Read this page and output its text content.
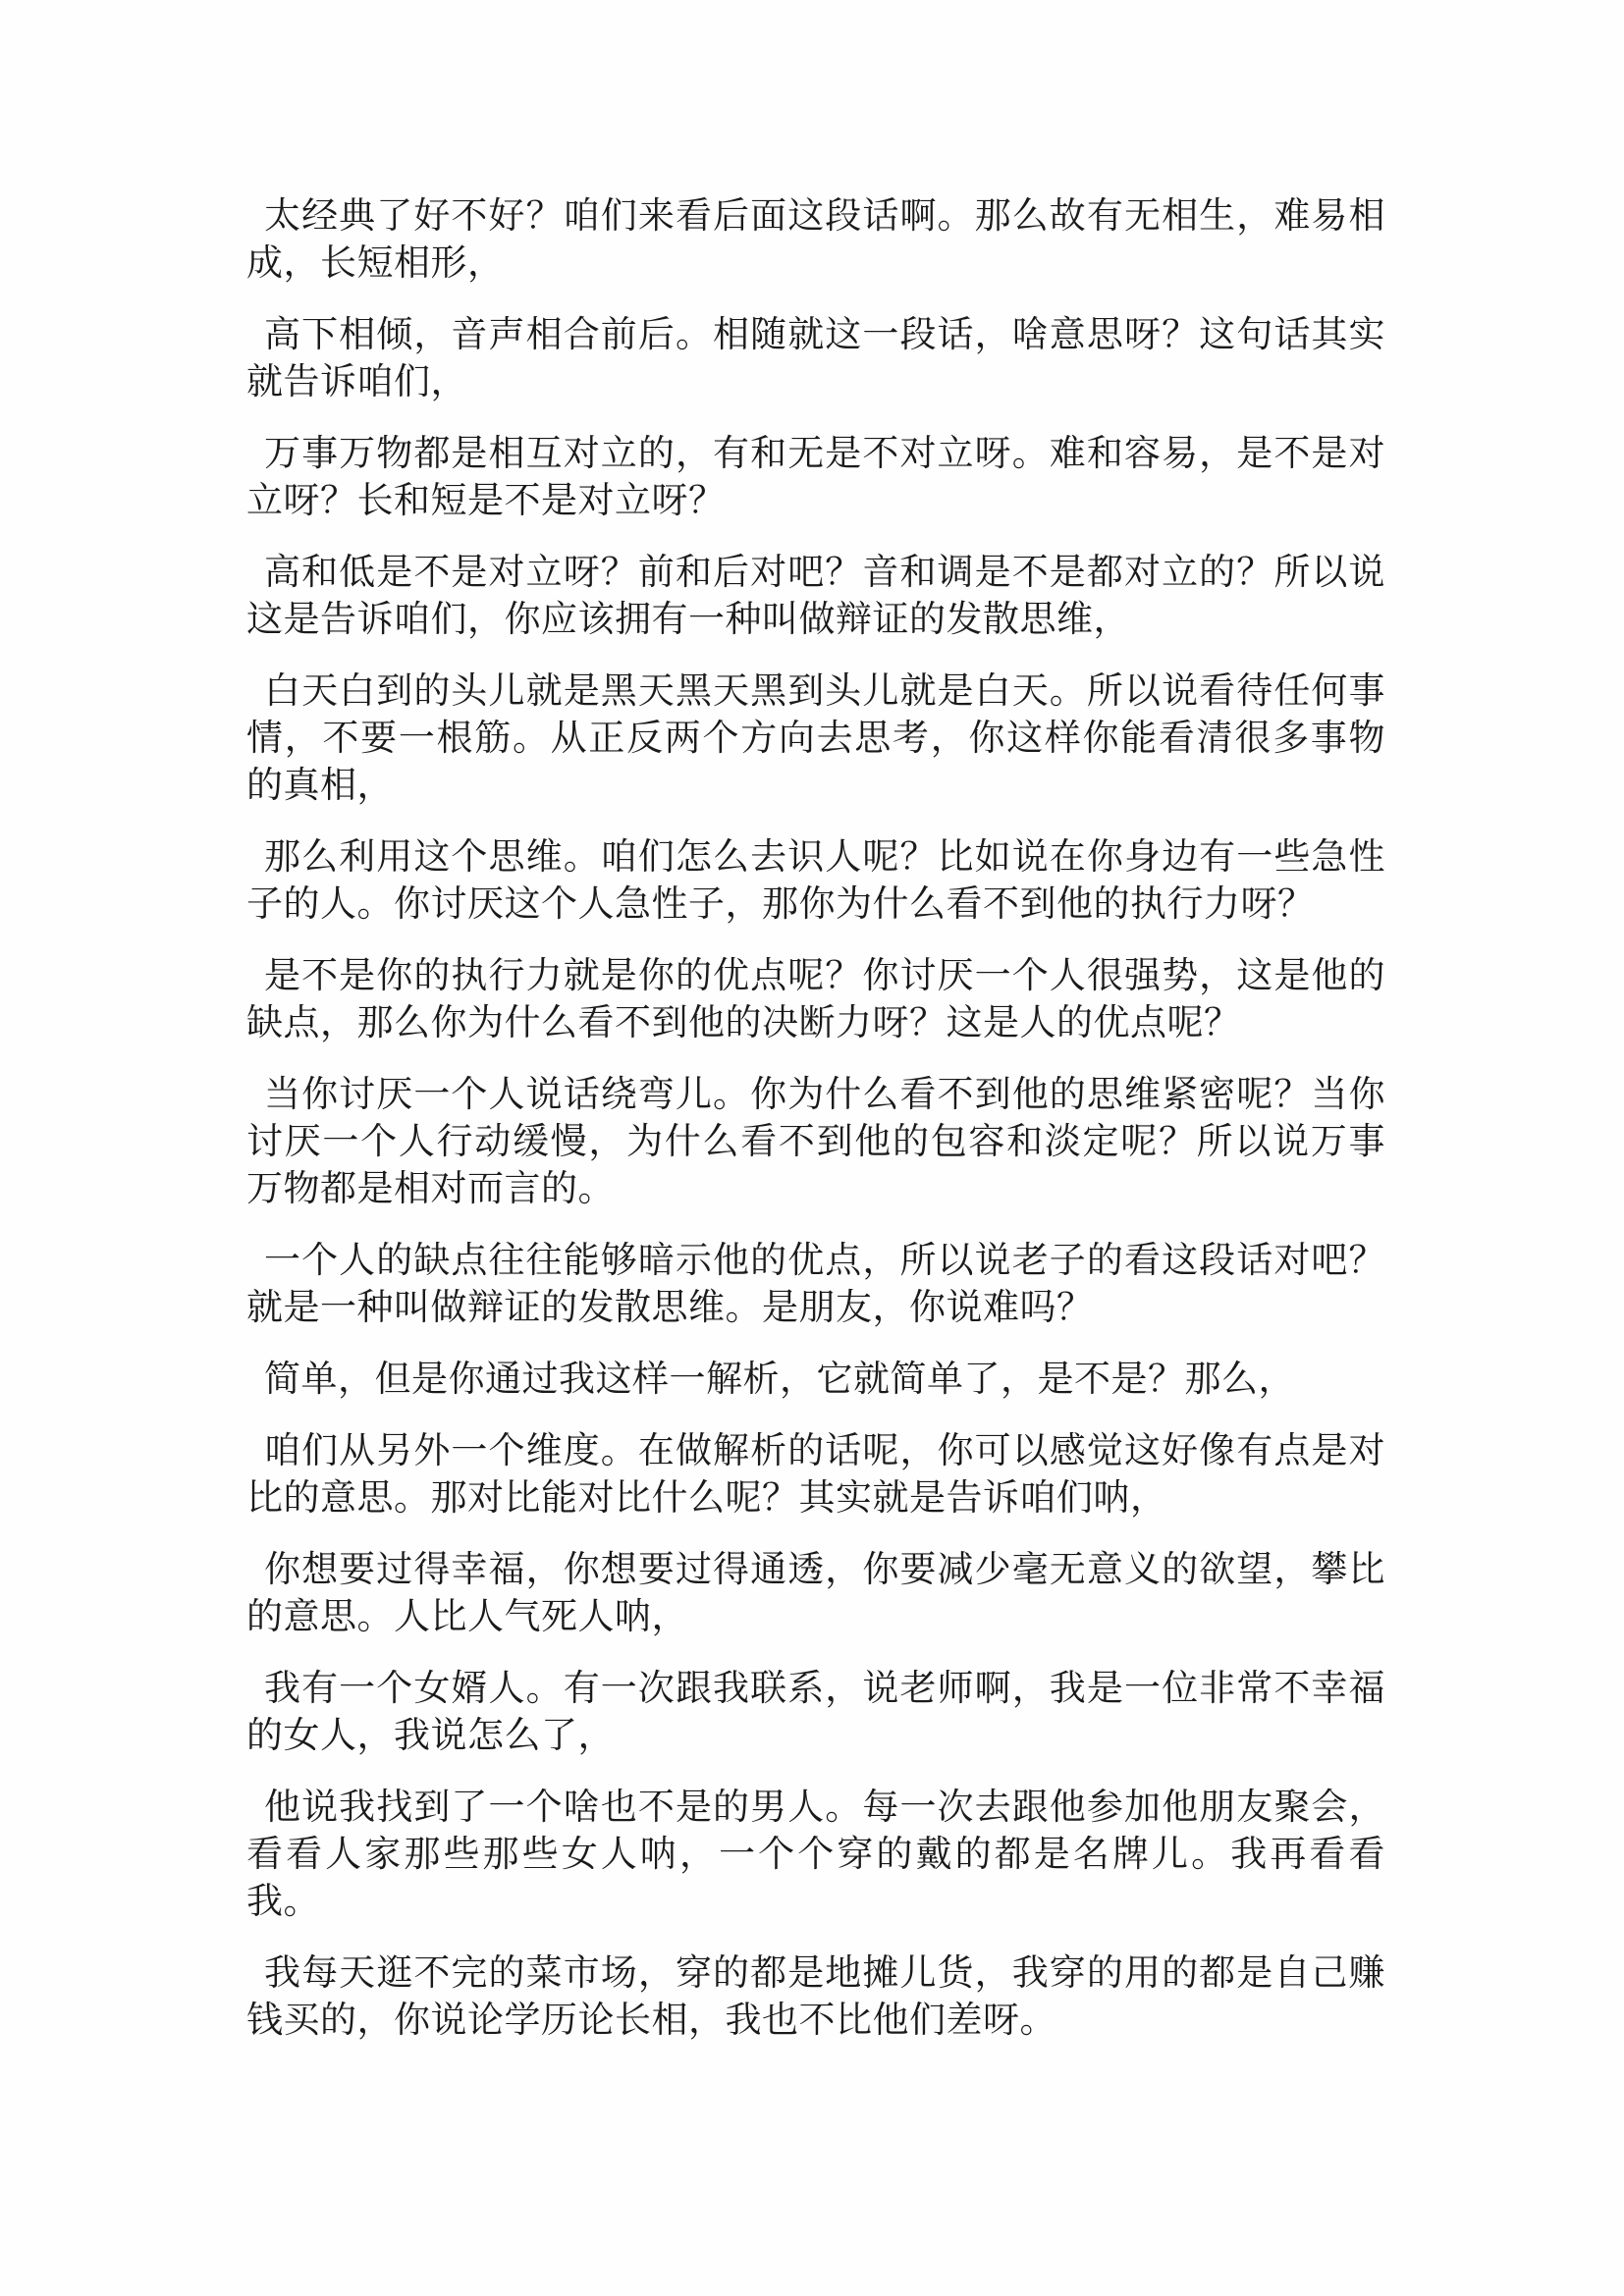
太经典了好不好？咱们来看后面这段话啊。那么故有无相生，难易相成，长短相形，

高下相倾，音声相合前后。相随就这一段话，啥意思呀？这句话其实就告诉咱们，

万事万物都是相互对立的，有和无是不对立呀。难和容易，是不是对立呀？长和短是不是对立呀？

高和低是不是对立呀？前和后对吧？音和调是不是都对立的？所以说这是告诉咱们，你应该拥有一种叫做辩证的发散思维，

白天白到的头儿就是黑天黑天黑到头儿就是白天。所以说看待任何事情，不要一根筋。从正反两个方向去思考，你这样你能看清很多事物的真相，

那么利用这个思维。咱们怎么去识人呢？比如说在你身边有一些急性子的人。你讨厌这个人急性子，那你为什么看不到他的执行力呀？

是不是你的执行力就是你的优点呢？你讨厌一个人很强势，这是他的缺点，那么你为什么看不到他的决断力呀？这是人的优点呢？

当你讨厌一个人说话绕弯儿。你为什么看不到他的思维紧密呢？当你讨厌一个人行动缓慢，为什么看不到他的包容和淡定呢？所以说万事万物都是相对而言的。

一个人的缺点往往能够暗示他的优点，所以说老子的看这段话对吧？就是一种叫做辩证的发散思维。是朋友，你说难吗？

简单，但是你通过我这样一解析，它就简单了，是不是？那么，

咱们从另外一个维度。在做解析的话呢，你可以感觉这好像有点是对比的意思。那对比能对比什么呢？其实就是告诉咱们呐，

你想要过得幸福，你想要过得通透，你要减少毫无意义的欲望，攀比的意思。人比人气死人呐，

我有一个女婿人。有一次跟我联系，说老师啊，我是一位非常不幸福的女人，我说怎么了，

他说我找到了一个啥也不是的男人。每一次去跟他参加他朋友聚会，看看人家那些那些女人呐，一个个穿的戴的都是名牌儿。我再看看我。

我每天逛不完的菜市场，穿的都是地摊儿货，我穿的用的都是自己赚钱买的，你说论学历论长相，我也不比他们差呀。
